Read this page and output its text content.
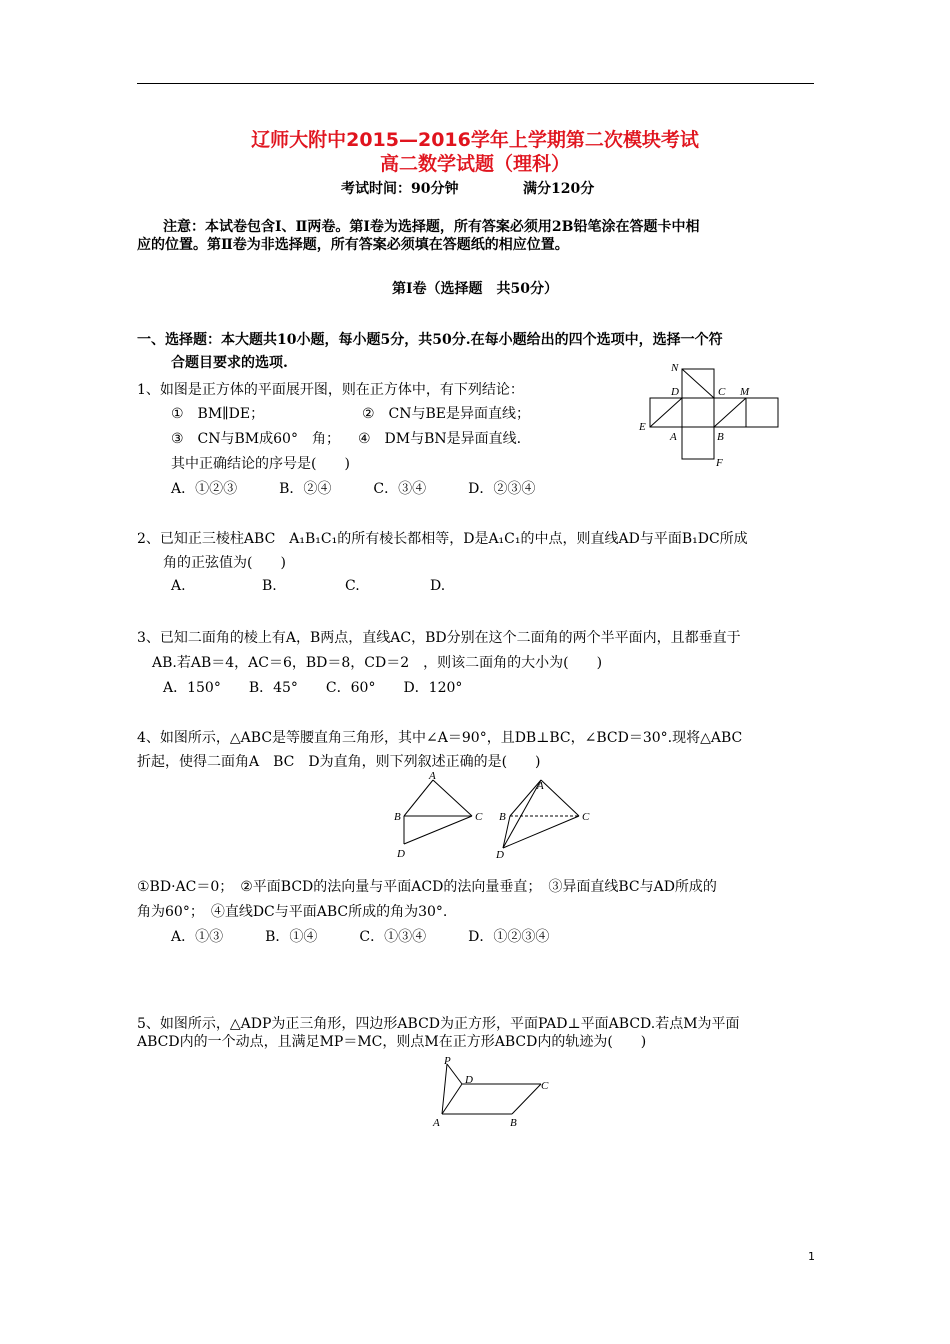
辽师大附中2015—2016学年上学期第二次模块考试
高二数学试题（理科）
考试时间：90分钟	满分120分
注意：本试卷包含Ⅰ、Ⅱ两卷。第Ⅰ卷为选择题，所有答案必须用2B铅笔涂在答题卡中相
应的位置。第Ⅱ卷为非选择题，所有答案必须填在答题纸的相应位置。
第Ⅰ卷（选择题　共50分）
一、选择题：本大题共10小题，每小题5分，共50分.在每小题给出的四个选项中，选择一个符
合题目要求的选项.
1、如图是正方体的平面展开图，则在正方体中，有下列结论：
①　BM∥DE；	②　CN与BE是异面直线；
③　CN与BM成60°　角； ④　DM与BN是异面直线.
其中正确结论的序号是(　　)
A．①②③　　　B．②④　　　C．③④　　　D．②③④
N
D	C M
E
A	B
F
2、已知正三棱柱ABC　A₁B₁C₁的所有棱长都相等，D是A₁C₁的中点，则直线AD与平面B₁DC所成
角的正弦值为(　　)
A.	B.	C.	D.
3、已知二面角的棱上有A，B两点，直线AC，BD分别在这个二面角的两个半平面内，且都垂直于
AB.若AB＝4，AC＝6，BD＝8，CD＝2　，则该二面角的大小为(　　)
A．150°　　B．45°　　C．60°　　D．120°
4、如图所示，△ABC是等腰直角三角形，其中∠A＝90°，且DB⊥BC，∠BCD＝30°.现将△ABC
折起，使得二面角A　BC　D为直角，则下列叙述正确的是(　　)
A
B	C
D
A
B	C
D
①BD·AC＝0；　②平面BCD的法向量与平面ACD的法向量垂直；　③异面直线BC与AD所成的
角为60°；　④直线DC与平面ABC所成的角为30°.
A．①③　　　B．①④　　　C．①③④　　　D．①②③④
5、如图所示，△ADP为正三角形，四边形ABCD为正方形，平面PAD⊥平面ABCD.若点M为平面
ABCD内的一个动点，且满足MP＝MC，则点M在正方形ABCD内的轨迹为(　　)
P
D	C
A	B
1
